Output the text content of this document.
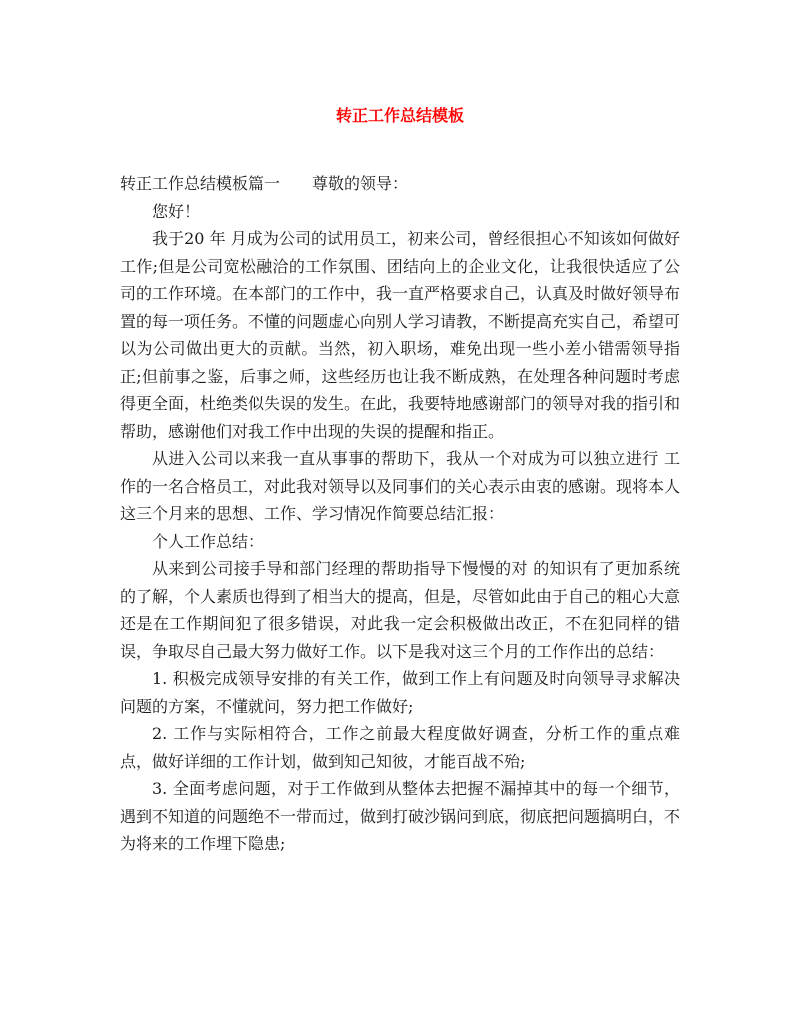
转正工作总结模板

转正工作总结模板篇一　　尊敬的领导：

您好！

我于20 年 月成为公司的试用员工，初来公司，曾经很担心不知该如何做好工作;但是公司宽松融洽的工作氛围、团结向上的企业文化，让我很快适应了公司的工作环境。在本部门的工作中，我一直严格要求自己，认真及时做好领导布置的每一项任务。不懂的问题虚心向别人学习请教，不断提高充实自己，希望可以为公司做出更大的贡献。当然，初入职场，难免出现一些小差小错需领导指正;但前事之鉴，后事之师，这些经历也让我不断成熟，在处理各种问题时考虑得更全面，杜绝类似失误的发生。在此，我要特地感谢部门的领导对我的指引和帮助，感谢他们对我工作中出现的失误的提醒和指正。

从进入公司以来我一直从事事的帮助下，我从一个对成为可以独立进行 工作的一名合格员工，对此我对领导以及同事们的关心表示由衷的感谢。现将本人这三个月来的思想、工作、学习情况作简要总结汇报：

个人工作总结：

从来到公司接手导和部门经理的帮助指导下慢慢的对 的知识有了更加系统的了解，个人素质也得到了相当大的提高，但是，尽管如此由于自己的粗心大意还是在工作期间犯了很多错误，对此我一定会积极做出改正，不在犯同样的错误，争取尽自己最大努力做好工作。以下是我对这三个月的工作作出的总结：

1. 积极完成领导安排的有关工作，做到工作上有问题及时向领导寻求解决问题的方案，不懂就问，努力把工作做好;

2. 工作与实际相符合，工作之前最大程度做好调查，分析工作的重点难点，做好详细的工作计划，做到知己知彼，才能百战不殆;

3. 全面考虑问题，对于工作做到从整体去把握不漏掉其中的每一个细节，遇到不知道的问题绝不一带而过，做到打破沙锅问到底，彻底把问题搞明白，不为将来的工作埋下隐患;
